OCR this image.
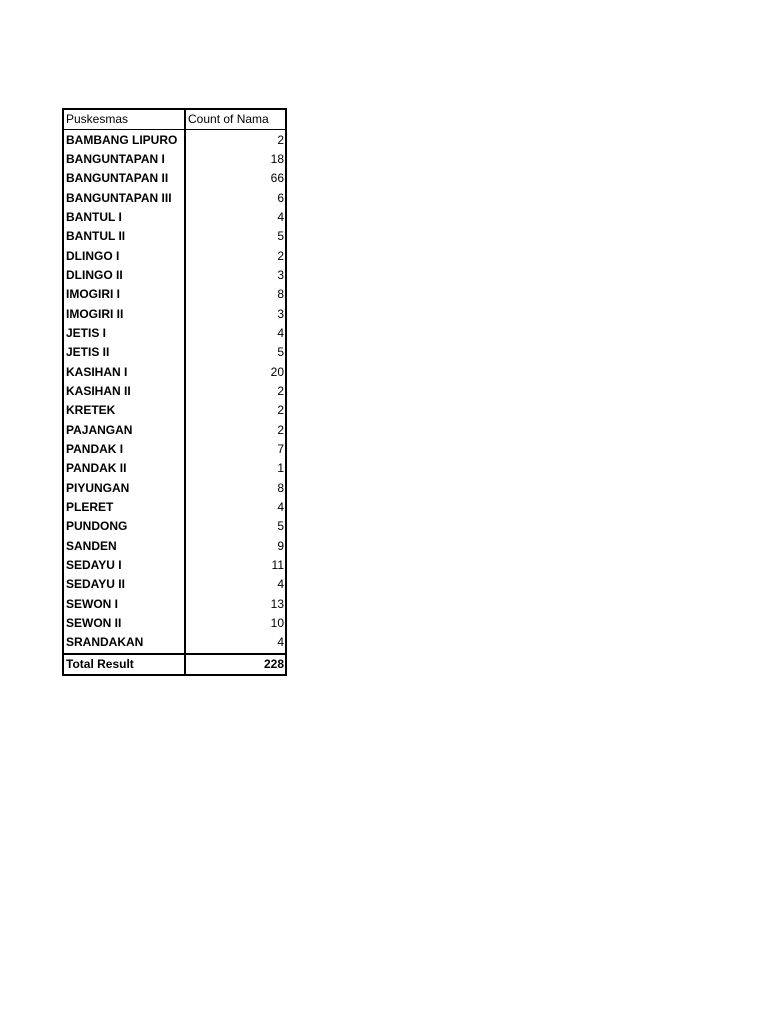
Puskesmas	Count of Nama
BAMBANG LIPURO	2
BANGUNTAPAN I	18
BANGUNTAPAN II	66
BANGUNTAPAN III	6
BANTUL I	4
BANTUL II	5
DLINGO I	2
DLINGO II	3
IMOGIRI I	8
IMOGIRI II	3
JETIS I	4
JETIS II	5
KASIHAN I	20
KASIHAN II	2
KRETEK	2
PAJANGAN	2
PANDAK I	7
PANDAK II	1
PIYUNGAN	8
PLERET	4
PUNDONG	5
SANDEN	9
SEDAYU I	11
SEDAYU II	4
SEWON I	13
SEWON II	10
SRANDAKAN	4
Total Result	228
